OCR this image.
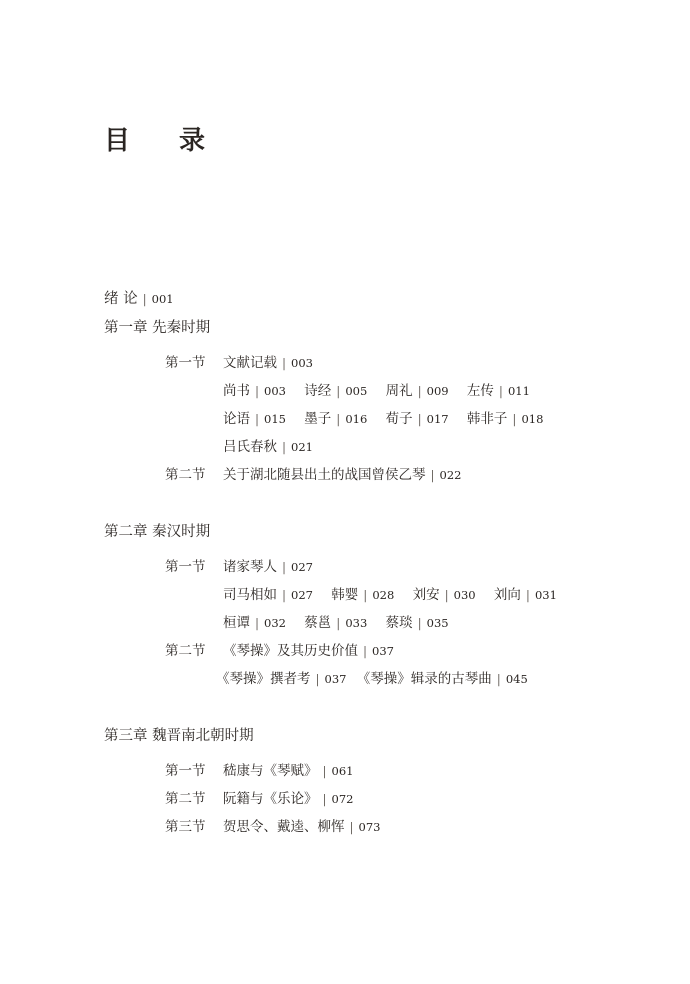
目 录
绪 论 | 001
第一章 先秦时期
第一节 文献记载 | 003
尚书 | 003 诗经 | 005 周礼 | 009 左传 | 011
论语 | 015 墨子 | 016 荀子 | 017 韩非子 | 018
吕氏春秋 | 021
第二节 关于湖北随县出土的战国曾侯乙琴 | 022
第二章 秦汉时期
第一节 诸家琴人 | 027
司马相如 | 027 韩婴 | 028 刘安 | 030 刘向 | 031
桓谭 | 032 蔡邕 | 033 蔡琰 | 035
第二节 《琴操》及其历史价值 | 037
《琴操》撰者考 | 037 《琴操》辑录的古琴曲 | 045
第三章 魏晋南北朝时期
第一节 嵇康与《琴赋》 | 061
第二节 阮籍与《乐论》 | 072
第三节 贺思令、戴逵、柳恽 | 073
